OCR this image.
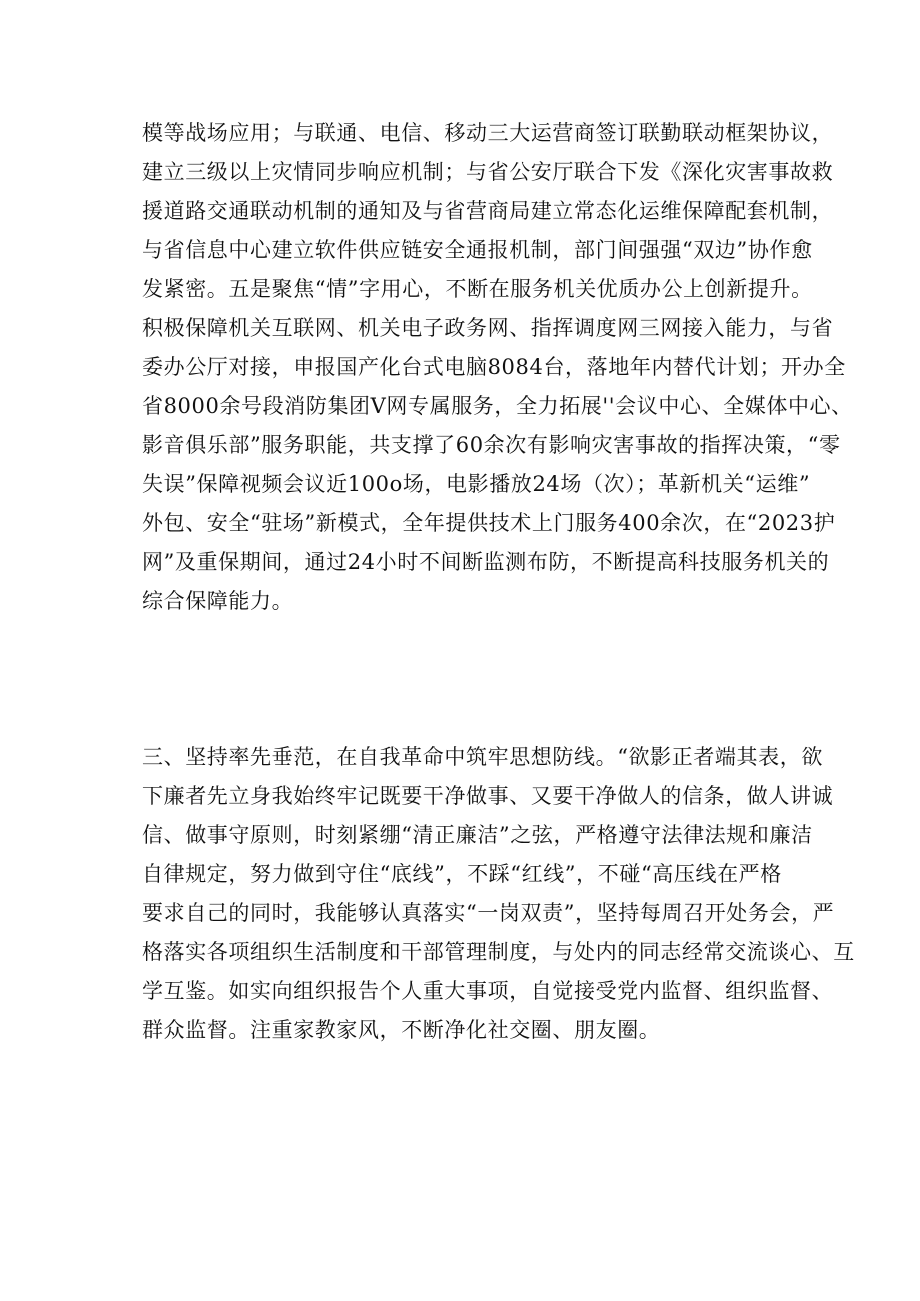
模等战场应用；与联通、电信、移动三大运营商签订联勤联动框架协议，
建立三级以上灾情同步响应机制；与省公安厅联合下发《深化灾害事故救
援道路交通联动机制的通知及与省营商局建立常态化运维保障配套机制，
与省信息中心建立软件供应链安全通报机制，部门间强强“双边”协作愈
发紧密。五是聚焦“情”字用心，不断在服务机关优质办公上创新提升。
积极保障机关互联网、机关电子政务网、指挥调度网三网接入能力，与省
委办公厅对接，申报国产化台式电脑8084台，落地年内替代计划；开办全
省8000余号段消防集团V网专属服务，全力拓展''会议中心、全媒体中心、
影音俱乐部”服务职能，共支撑了60余次有影响灾害事故的指挥决策，“零
失误”保障视频会议近100o场，电影播放24场（次）；革新机关“运维”
外包、安全“驻场”新模式，全年提供技术上门服务400余次，在“2023护
网”及重保期间，通过24小时不间断监测布防，不断提高科技服务机关的
综合保障能力。
三、坚持率先垂范，在自我革命中筑牢思想防线。“欲影正者端其表，欲
下廉者先立身我始终牢记既要干净做事、又要干净做人的信条，做人讲诚
信、做事守原则，时刻紧绷“清正廉洁”之弦，严格遵守法律法规和廉洁
自律规定，努力做到守住“底线”，不踩“红线”，不碰“高压线在严格
要求自己的同时，我能够认真落实“一岗双责”，坚持每周召开处务会，严
格落实各项组织生活制度和干部管理制度，与处内的同志经常交流谈心、互
学互鉴。如实向组织报告个人重大事项，自觉接受党内监督、组织监督、
群众监督。注重家教家风，不断净化社交圈、朋友圈。
